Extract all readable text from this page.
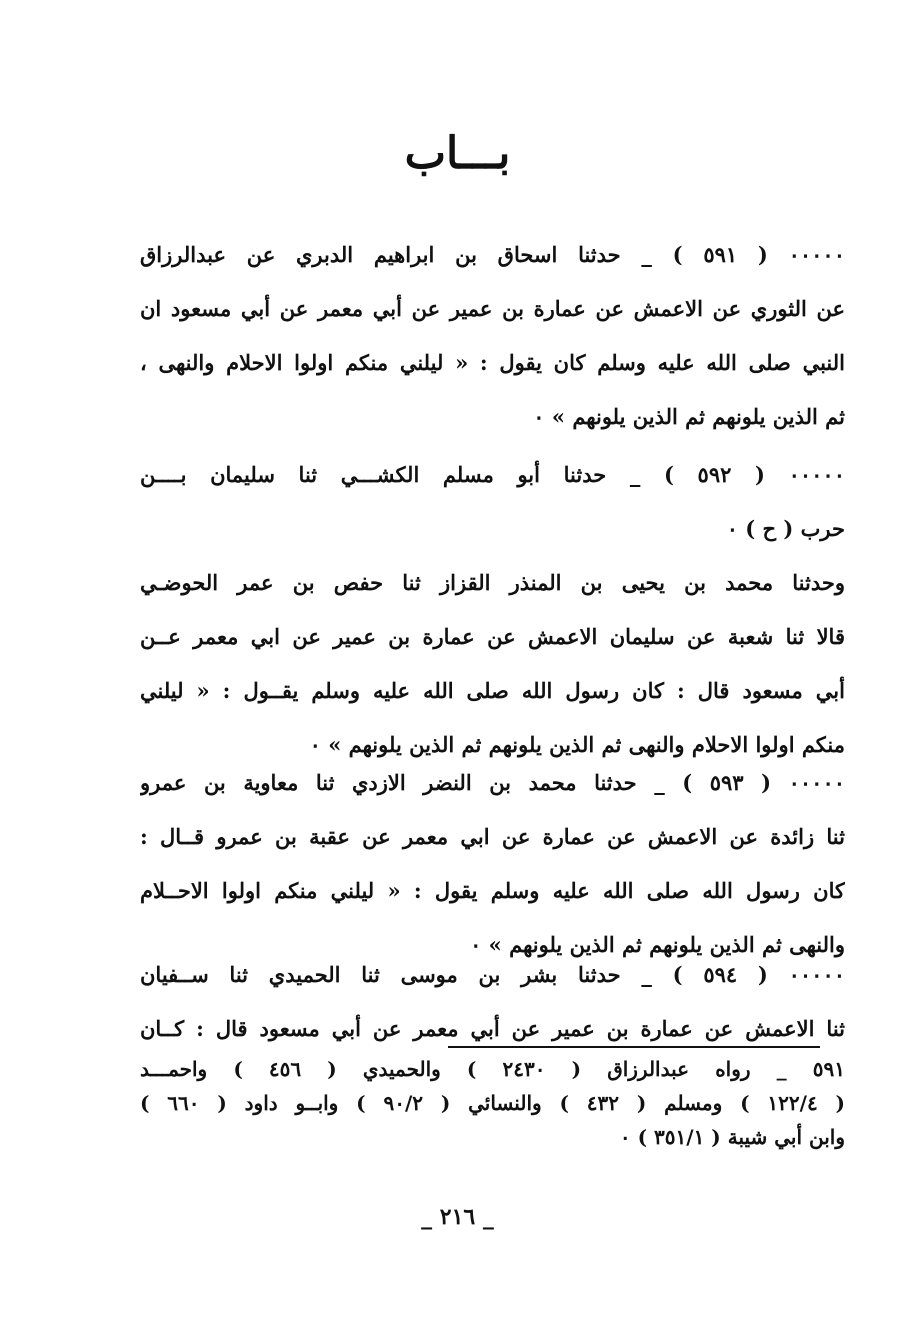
بـــاب
٠٠٠٠٠ ( ٥٩١ ) _ حدثنا اسحاق بن ابراهيم الدبري عن عبدالرزاق
عن الثوري عن الاعمش عن عمارة بن عمير عن أبي معمر عن أبي مسعود ان
النبي صلى الله عليه وسلم كان يقول : « ليلني منكم اولوا الاحلام والنهى ،
ثم الذين يلونهم ثم الذين يلونهم » ٠
٠٠٠٠٠ ( ٥٩٢ ) _ حدثنا أبو مسلم الكشـــي ثنا سليمان بــــن
حرب ( ح ) ٠
وحدثنا محمد بن يحيى بن المنذر القزاز ثنا حفص بن عمر الحوضـي
قالا ثنا شعبة عن سليمان الاعمش عن عمارة بن عمير عن ابي معمر عــن
أبي مسعود قال : كان رسول الله صلى الله عليه وسلم يقــول : « ليلني
منكم اولوا الاحلام والنهى ثم الذين يلونهم ثم الذين يلونهم » ٠
٠٠٠٠٠ ( ٥٩٣ ) _ حدثنا محمد بن النضر الازدي ثنا معاوية بن عمرو
ثنا زائدة عن الاعمش عن عمارة عن ابي معمر عن عقبة بن عمرو قــال :
كان رسول الله صلى الله عليه وسلم يقول : « ليلني منكم اولوا الاحــلام
والنهى ثم الذين يلونهم ثم الذين يلونهم » ٠
٠٠٠٠٠ ( ٥٩٤ ) _ حدثنا بشر بن موسى ثنا الحميدي ثنا ســفيان
ثنا الاعمش عن عمارة بن عمير عن أبي معمر عن أبي مسعود قال : كــان
٥٩١ _ رواه عبدالرزاق ( ٢٤٣٠ ) والحميدي ( ٤٥٦ ) واحمـــد
( ١٢٢/٤ ) ومسلم ( ٤٣٢ ) والنسائي ( ٩٠/٢ ) وابــو داود ( ٦٦٠ )
وابن أبي شيبة ( ٣٥١/١ ) ٠
_ ٢١٦ _
